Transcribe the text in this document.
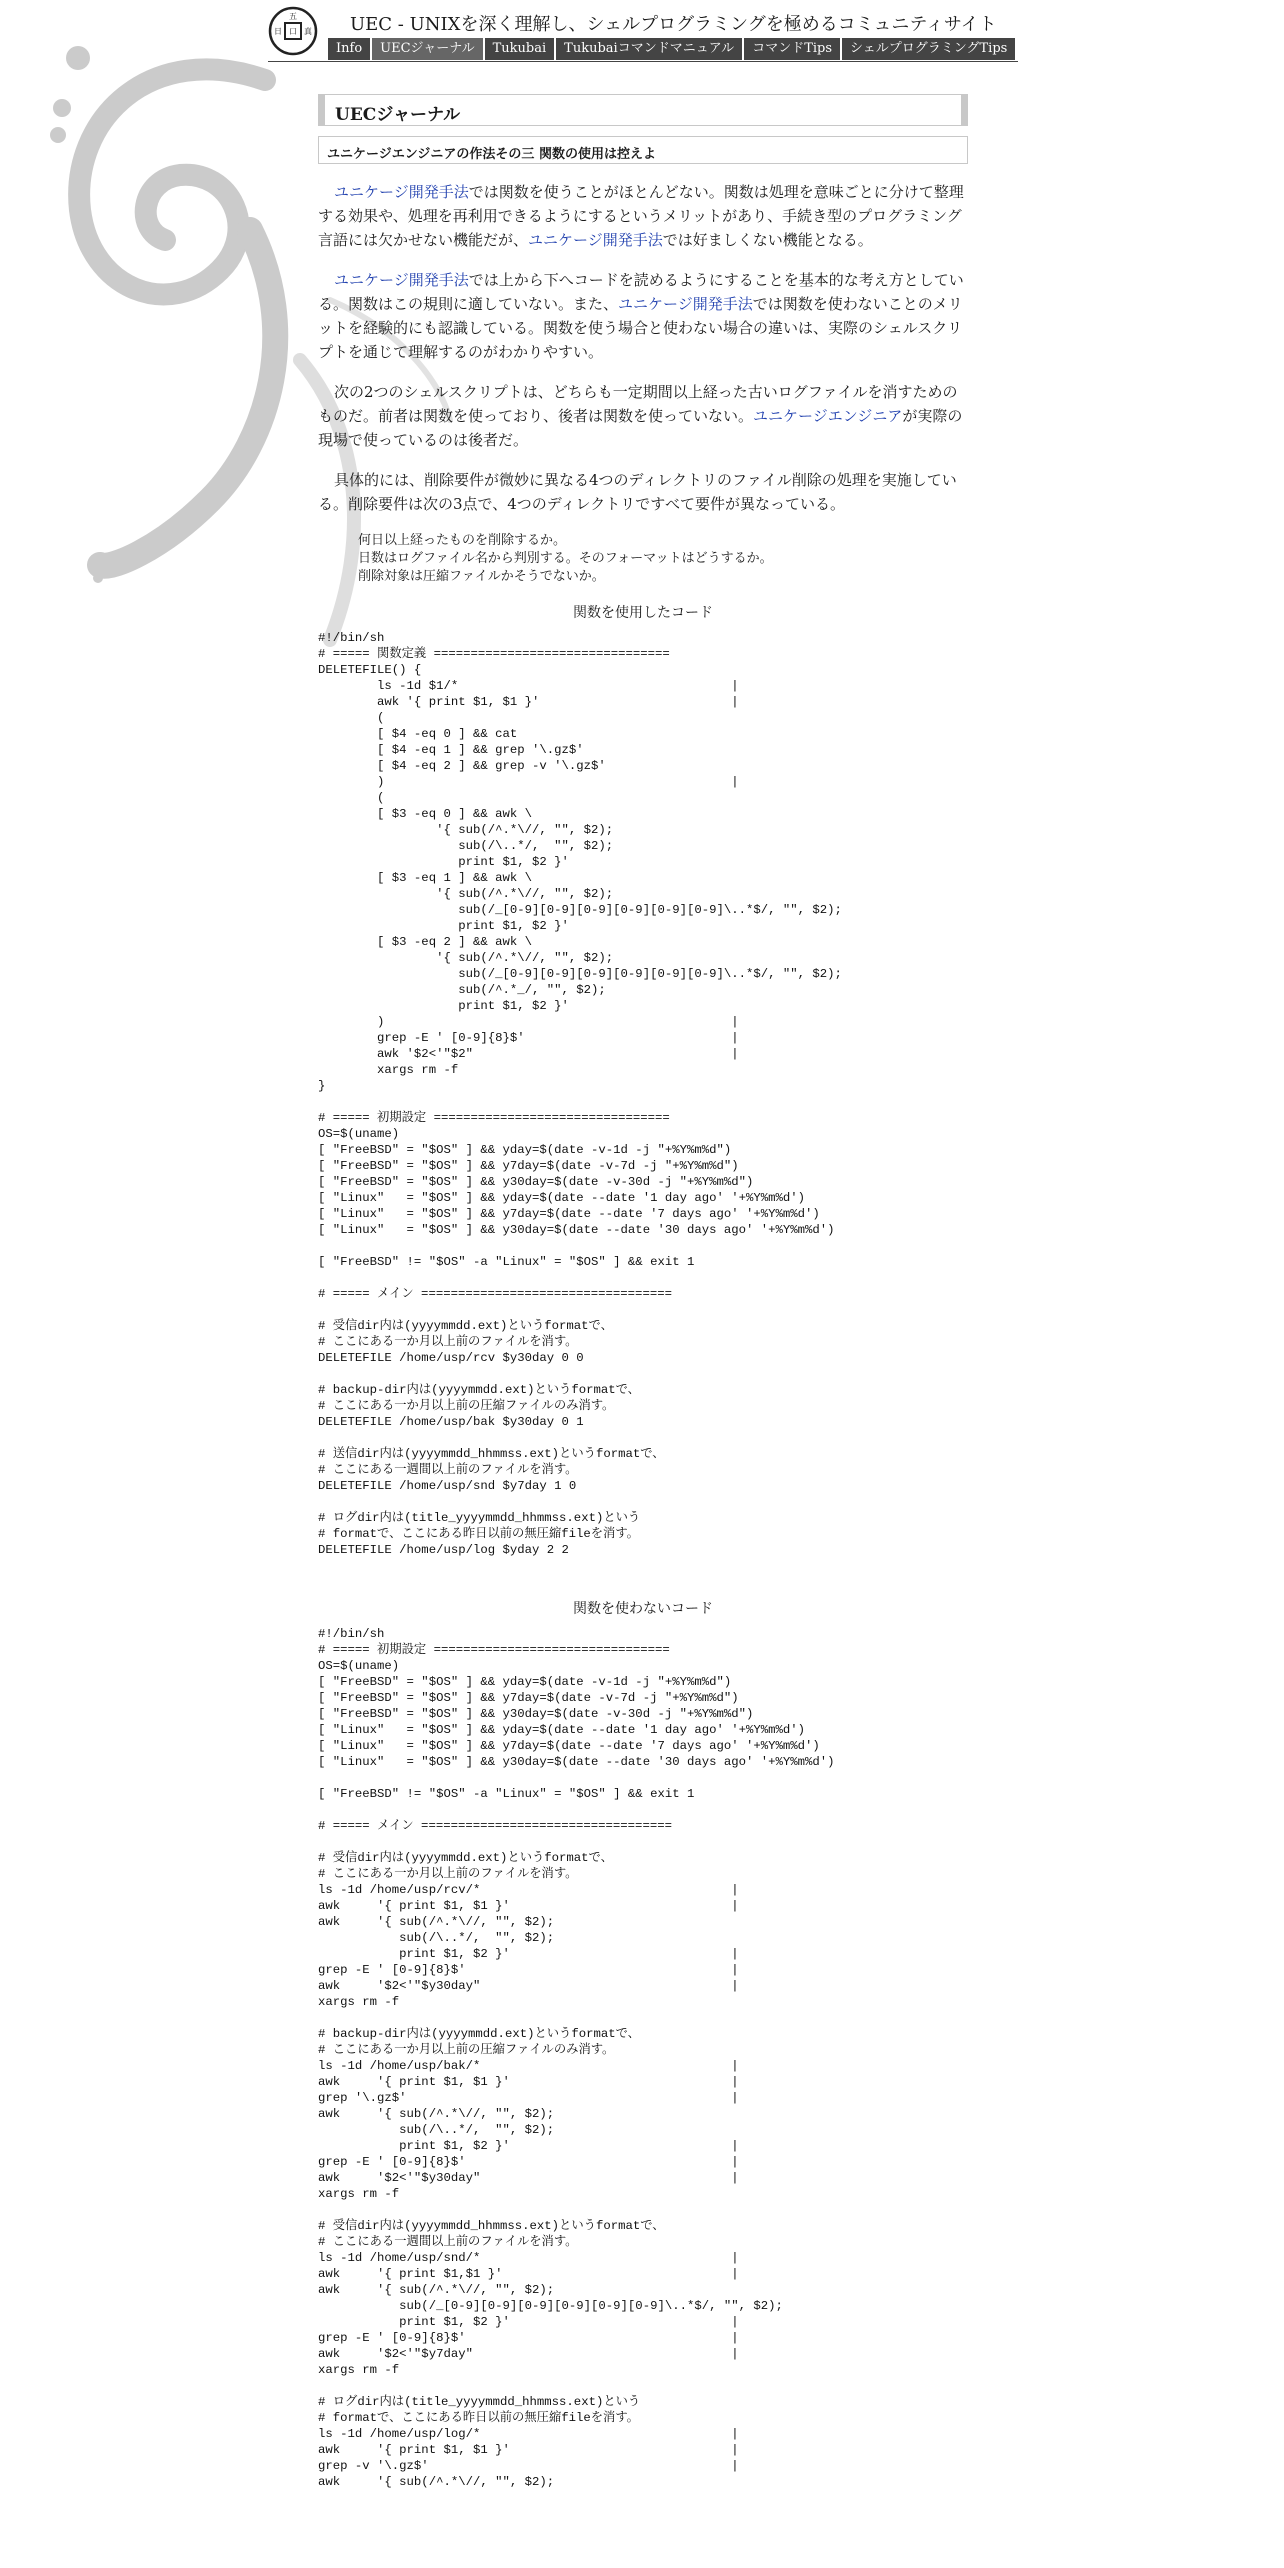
五
日 口 真 UEC - UNIXを深く理解し、シェルプログラミングを極めるコミュニティサイト
Info	UECジャーナル	Tukubai	Tukubaiコマンドマニュアル	コマンドTips	シェルプログラミングTips
UECジャーナル
ユニケージエンジニアの作法その三 関数の使用は控えよ

ユニケージ開発手法では関数を使うことがほとんどない。関数は処理を意味ごとに分けて整理する効果や、処理を再利用できるようにするというメリットがあり、手続き型のプログラミング言語には欠かせない機能だが、ユニケージ開発手法では好ましくない機能となる。

ユニケージ開発手法では上から下へコードを読めるようにすることを基本的な考え方としている。関数はこの規則に適していない。また、ユニケージ開発手法では関数を使わないことのメリットを経験的にも認識している。関数を使う場合と使わない場合の違いは、実際のシェルスクリプトを通じて理解するのがわかりやすい。

次の2つのシェルスクリプトは、どちらも一定期間以上経った古いログファイルを消すためのものだ。前者は関数を使っており、後者は関数を使っていない。ユニケージエンジニアが実際の現場で使っているのは後者だ。

具体的には、削除要件が微妙に異なる4つのディレクトリのファイル削除の処理を実施している。削除要件は次の3点で、4つのディレクトリですべて要件が異なっている。

何日以上経ったものを削除するか。
日数はログファイル名から判別する。そのフォーマットはどうするか。
削除対象は圧縮ファイルかそうでないか。
関数を使用したコード
#!/bin/sh
# ===== 関数定義 ================================
DELETEFILE() {
ls -1d $1/*                                     |
awk '{ print $1, $1 }'                          |
(
[ $4 -eq 0 ] && cat
[ $4 -eq 1 ] && grep '\.gz$'
[ $4 -eq 2 ] && grep -v '\.gz$'
)                                               |
(
[ $3 -eq 0 ] && awk \
'{ sub(/^.*\//, "", $2);
sub(/\..*/,  "", $2);
print $1, $2 }'
[ $3 -eq 1 ] && awk \
'{ sub(/^.*\//, "", $2);
sub(/_[0-9][0-9][0-9][0-9][0-9][0-9]\..*$/, "", $2);
print $1, $2 }'
[ $3 -eq 2 ] && awk \
'{ sub(/^.*\//, "", $2);
sub(/_[0-9][0-9][0-9][0-9][0-9][0-9]\..*$/, "", $2);
sub(/^.*_/, "", $2);
print $1, $2 }'
)                                               |
grep -E ' [0-9]{8}$'                            |
awk '$2<'"$2"                                   |
xargs rm -f
}

# ===== 初期設定 ================================
OS=$(uname)
[ "FreeBSD" = "$OS" ] && yday=$(date -v-1d -j "+%Y%m%d")
[ "FreeBSD" = "$OS" ] && y7day=$(date -v-7d -j "+%Y%m%d")
[ "FreeBSD" = "$OS" ] && y30day=$(date -v-30d -j "+%Y%m%d")
[ "Linux"   = "$OS" ] && yday=$(date --date '1 day ago' '+%Y%m%d')
[ "Linux"   = "$OS" ] && y7day=$(date --date '7 days ago' '+%Y%m%d')
[ "Linux"   = "$OS" ] && y30day=$(date --date '30 days ago' '+%Y%m%d')

[ "FreeBSD" != "$OS" -a "Linux" = "$OS" ] && exit 1

# ===== メイン ==================================

# 受信dir内は(yyyymmdd.ext)というformatで、
# ここにある一か月以上前のファイルを消す。
DELETEFILE /home/usp/rcv $y30day 0 0

# backup-dir内は(yyyymmdd.ext)というformatで、
# ここにある一か月以上前の圧縮ファイルのみ消す。
DELETEFILE /home/usp/bak $y30day 0 1

# 送信dir内は(yyyymmdd_hhmmss.ext)というformatで、
# ここにある一週間以上前のファイルを消す。
DELETEFILE /home/usp/snd $y7day 1 0

# ログdir内は(title_yyyymmdd_hhmmss.ext)という
# formatで、ここにある昨日以前の無圧縮fileを消す。
DELETEFILE /home/usp/log $yday 2 2
関数を使わないコード
#!/bin/sh
# ===== 初期設定 ================================
OS=$(uname)
[ "FreeBSD" = "$OS" ] && yday=$(date -v-1d -j "+%Y%m%d")
[ "FreeBSD" = "$OS" ] && y7day=$(date -v-7d -j "+%Y%m%d")
[ "FreeBSD" = "$OS" ] && y30day=$(date -v-30d -j "+%Y%m%d")
[ "Linux"   = "$OS" ] && yday=$(date --date '1 day ago' '+%Y%m%d')
[ "Linux"   = "$OS" ] && y7day=$(date --date '7 days ago' '+%Y%m%d')
[ "Linux"   = "$OS" ] && y30day=$(date --date '30 days ago' '+%Y%m%d')

[ "FreeBSD" != "$OS" -a "Linux" = "$OS" ] && exit 1

# ===== メイン ==================================

# 受信dir内は(yyyymmdd.ext)というformatで、
# ここにある一か月以上前のファイルを消す。
ls -1d /home/usp/rcv/*                                  |
awk     '{ print $1, $1 }'                              |
awk     '{ sub(/^.*\//, "", $2);
sub(/\..*/,  "", $2);
print $1, $2 }'                              |
grep -E ' [0-9]{8}$'                                    |
awk     '$2<'"$y30day"                                  |
xargs rm -f

# backup-dir内は(yyyymmdd.ext)というformatで、
# ここにある一か月以上前の圧縮ファイルのみ消す。
ls -1d /home/usp/bak/*                                  |
awk     '{ print $1, $1 }'                              |
grep '\.gz$'                                            |
awk     '{ sub(/^.*\//, "", $2);
sub(/\..*/,  "", $2);
print $1, $2 }'                              |
grep -E ' [0-9]{8}$'                                    |
awk     '$2<'"$y30day"                                  |
xargs rm -f

# 受信dir内は(yyyymmdd_hhmmss.ext)というformatで、
# ここにある一週間以上前のファイルを消す。
ls -1d /home/usp/snd/*                                  |
awk     '{ print $1,$1 }'                               |
awk     '{ sub(/^.*\//, "", $2);
sub(/_[0-9][0-9][0-9][0-9][0-9][0-9]\..*$/, "", $2);
print $1, $2 }'                              |
grep -E ' [0-9]{8}$'                                    |
awk     '$2<'"$y7day"                                   |
xargs rm -f

# ログdir内は(title_yyyymmdd_hhmmss.ext)という
# formatで、ここにある昨日以前の無圧縮fileを消す。
ls -1d /home/usp/log/*                                  |
awk     '{ print $1, $1 }'                              |
grep -v '\.gz$'                                         |
awk     '{ sub(/^.*\//, "", $2);
